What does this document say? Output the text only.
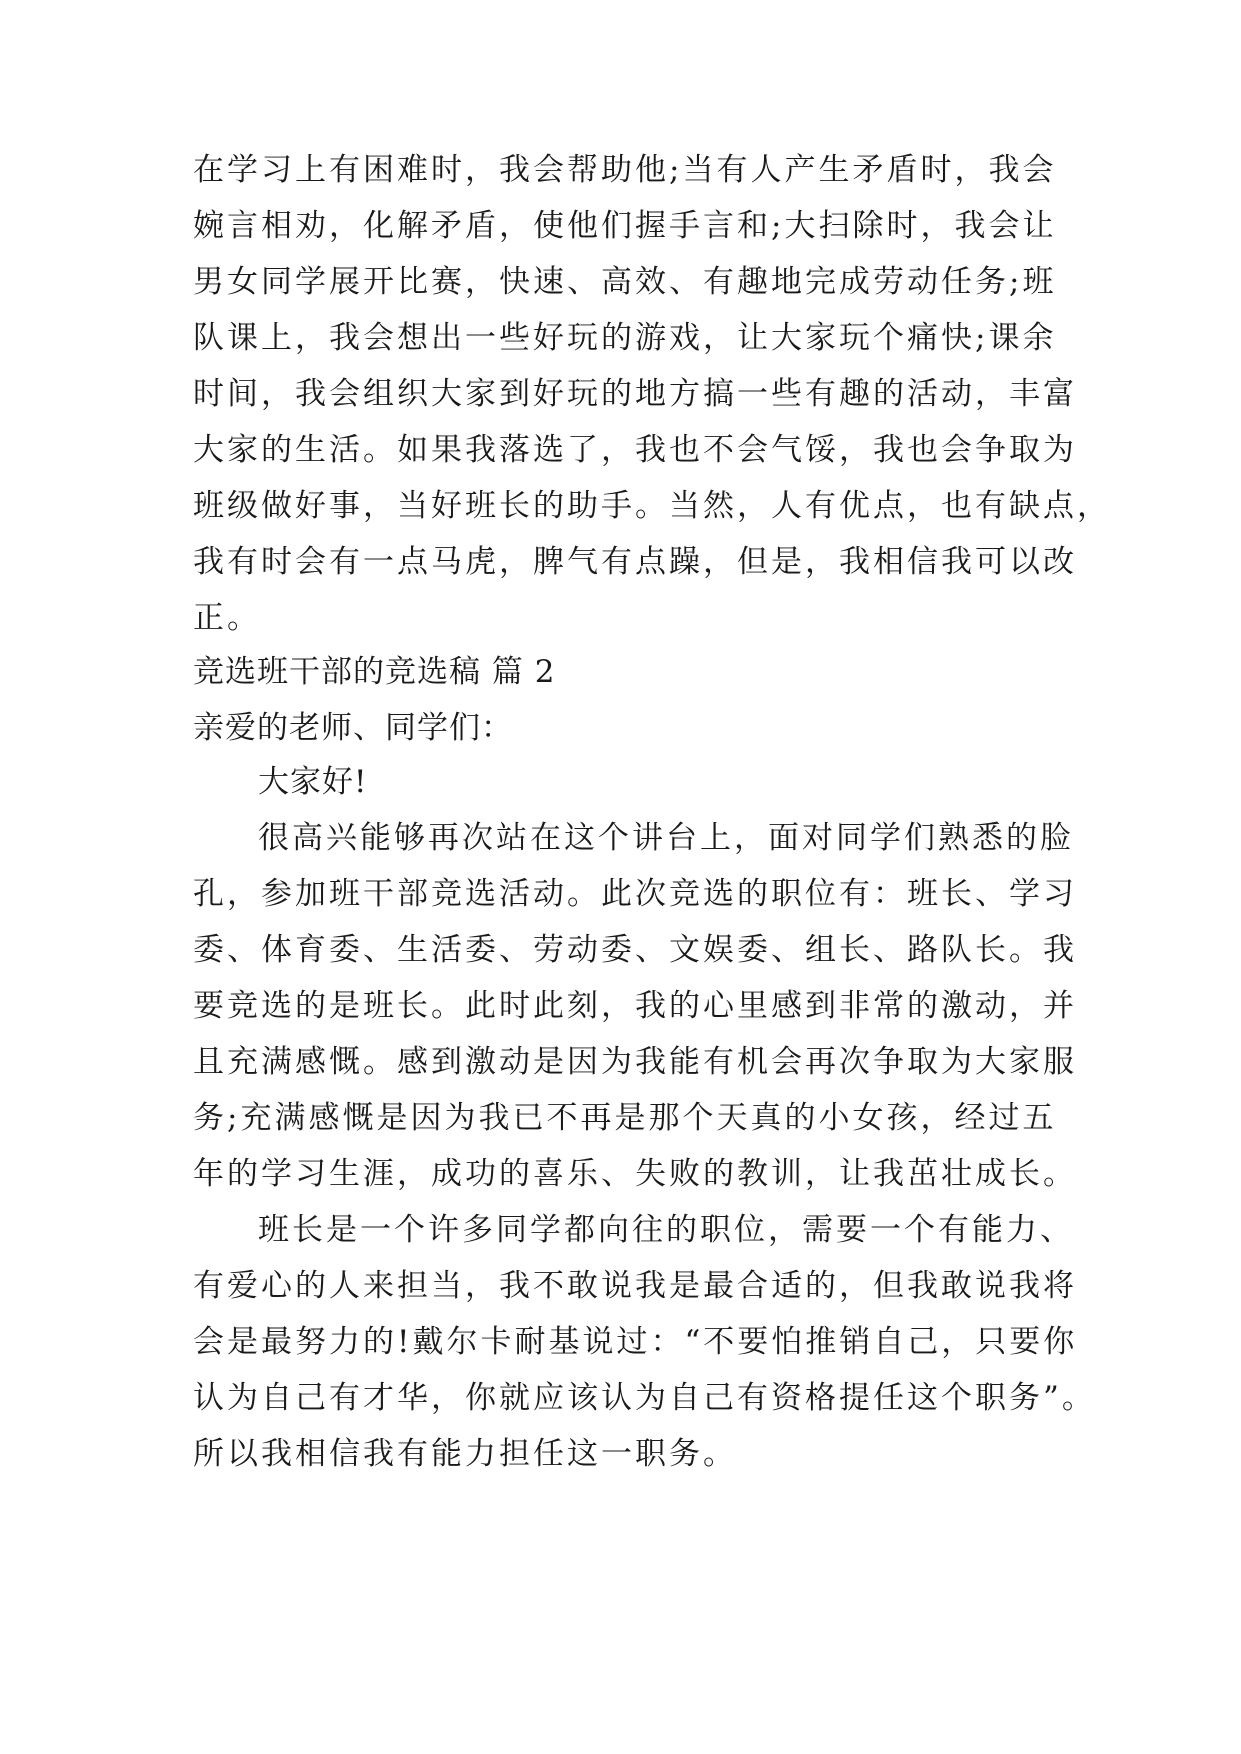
在学习上有困难时，我会帮助他;当有人产生矛盾时，我会
婉言相劝，化解矛盾，使他们握手言和;大扫除时，我会让
男女同学展开比赛，快速、高效、有趣地完成劳动任务;班
队课上，我会想出一些好玩的游戏，让大家玩个痛快;课余
时间，我会组织大家到好玩的地方搞一些有趣的活动，丰富
大家的生活。如果我落选了，我也不会气馁，我也会争取为
班级做好事，当好班长的助手。当然，人有优点，也有缺点，
我有时会有一点马虎，脾气有点躁，但是，我相信我可以改
正。
竞选班干部的竞选稿 篇 2
亲爱的老师、同学们：
大家好!
很高兴能够再次站在这个讲台上，面对同学们熟悉的脸
孔，参加班干部竞选活动。此次竞选的职位有：班长、学习
委、体育委、生活委、劳动委、文娱委、组长、路队长。我
要竞选的是班长。此时此刻，我的心里感到非常的激动，并
且充满感慨。感到激动是因为我能有机会再次争取为大家服
务;充满感慨是因为我已不再是那个天真的小女孩，经过五
年的学习生涯，成功的喜乐、失败的教训，让我茁壮成长。
班长是一个许多同学都向往的职位，需要一个有能力、
有爱心的人来担当，我不敢说我是最合适的，但我敢说我将
会是最努力的!戴尔卡耐基说过：“不要怕推销自己，只要你
认为自己有才华，你就应该认为自己有资格提任这个职务”。
所以我相信我有能力担任这一职务。
